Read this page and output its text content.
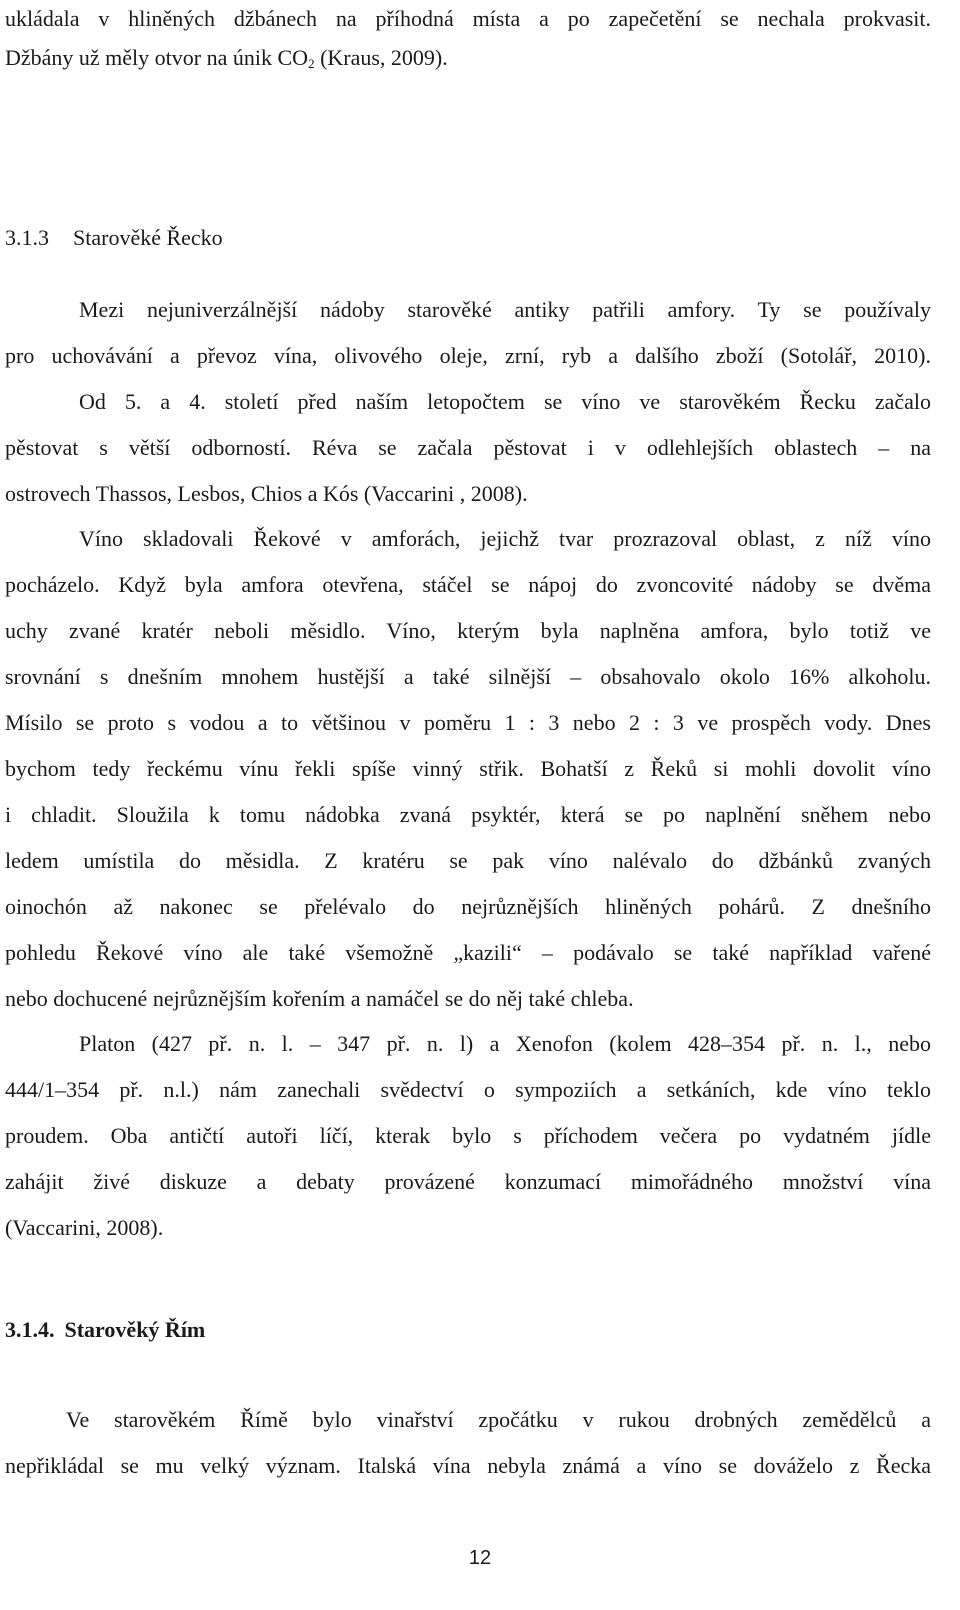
ukládala v hliněných džbánech na příhodná místa a po zapečetění se nechala prokvasit.
Džbány už měly otvor na únik $CO_2$ (Kraus, 2009).
3.1.3 Starověké Řecko
Mezi nejuniverzálnější nádoby starověké antiky patřili amfory. Ty se používaly
pro uchovávání a převoz vína, olivového oleje, zrní, ryb a dalšího zboží (Sotolář, 2010).
Od 5. a 4. století před naším letopočtem se víno ve starověkém Řecku začalo
pěstovat s větší odborností. Réva se začala pěstovat i v odlehlejších oblastech – na
ostrovech Thassos, Lesbos, Chios a Kós (Vaccarini , 2008).
Víno skladovali Řekové v amforách, jejichž tvar prozrazoval oblast, z níž víno
pocházelo. Když byla amfora otevřena, stáčel se nápoj do zvoncovité nádoby se dvěma
uchy zvané kratér neboli měsidlo. Víno, kterým byla naplněna amfora, bylo totiž ve
srovnání s dnešním mnohem hustější a také silnější – obsahovalo okolo 16% alkoholu.
Mísilo se proto s vodou a to většinou v poměru 1 : 3 nebo 2 : 3 ve prospěch vody. Dnes
bychom tedy řeckému vínu řekli spíše vinný střik. Bohatší z Řeků si mohli dovolit víno
i chladit. Sloužila k tomu nádobka zvaná psyktér, která se po naplnění sněhem nebo
ledem umístila do měsidla. Z kratéru se pak víno nalévalo do džbánků zvaných
oinochón až nakonec se přelévalo do nejrůznějších hliněných pohárů. Z dnešního
pohledu Řekové víno ale také všemožně „kazili“ – podávalo se také například vařené
nebo dochucené nejrůznějším kořením a namáčel se do něj také chleba.
Platon (427 př. n. l. – 347 př. n. l) a Xenofon (kolem 428–354 př. n. l., nebo
444/1–354 př. n.l.) nám zanechali svědectví o sympoziích a setkáních, kde víno teklo
proudem. Oba antičtí autoři líčí, kterak bylo s příchodem večera po vydatném jídle
zahájit živé diskuze a debaty provázené konzumací mimořádného množství vína
(Vaccarini, 2008).
3.1.4. Starověký Řím
Ve starověkém Římě bylo vinařství zpočátku v rukou drobných zemědělců a
nepřikládal se mu velký význam. Italská vína nebyla známá a víno se dováželo z Řecka
12
